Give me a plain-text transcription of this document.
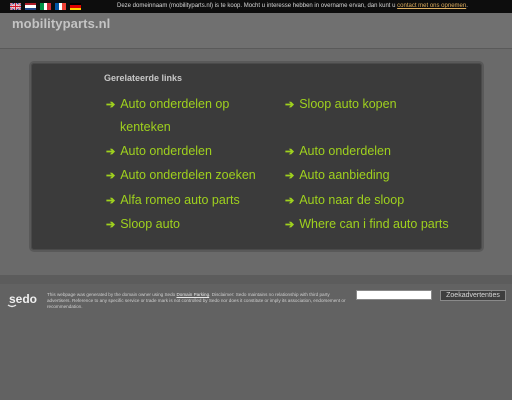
Deze domeinnaam (mobilityparts.nl) is te koop. Mocht u interesse hebben in overname ervan, dan kunt u contact met ons opnemen.
mobilityparts.nl
Gerelateerde links
➔ Auto onderdelen op
kenteken
➔ Auto onderdelen
➔ Auto onderdelen zoeken
➔ Alfa romeo auto parts
➔ Sloop auto
➔ Sloop auto kopen
➔ Auto onderdelen
➔ Auto aanbieding
➔ Auto naar de sloop
➔ Where can i find auto parts
sedo This webpage was generated by the domain owner using Sedo Domain Parking. Disclaimer: Sedo maintains no relationship with third party advertisers. Reference to any specific service or trade mark is not controlled by Sedo nor does it constitute or imply its association, endorsement or recommendation.
Zoekadvertenties
